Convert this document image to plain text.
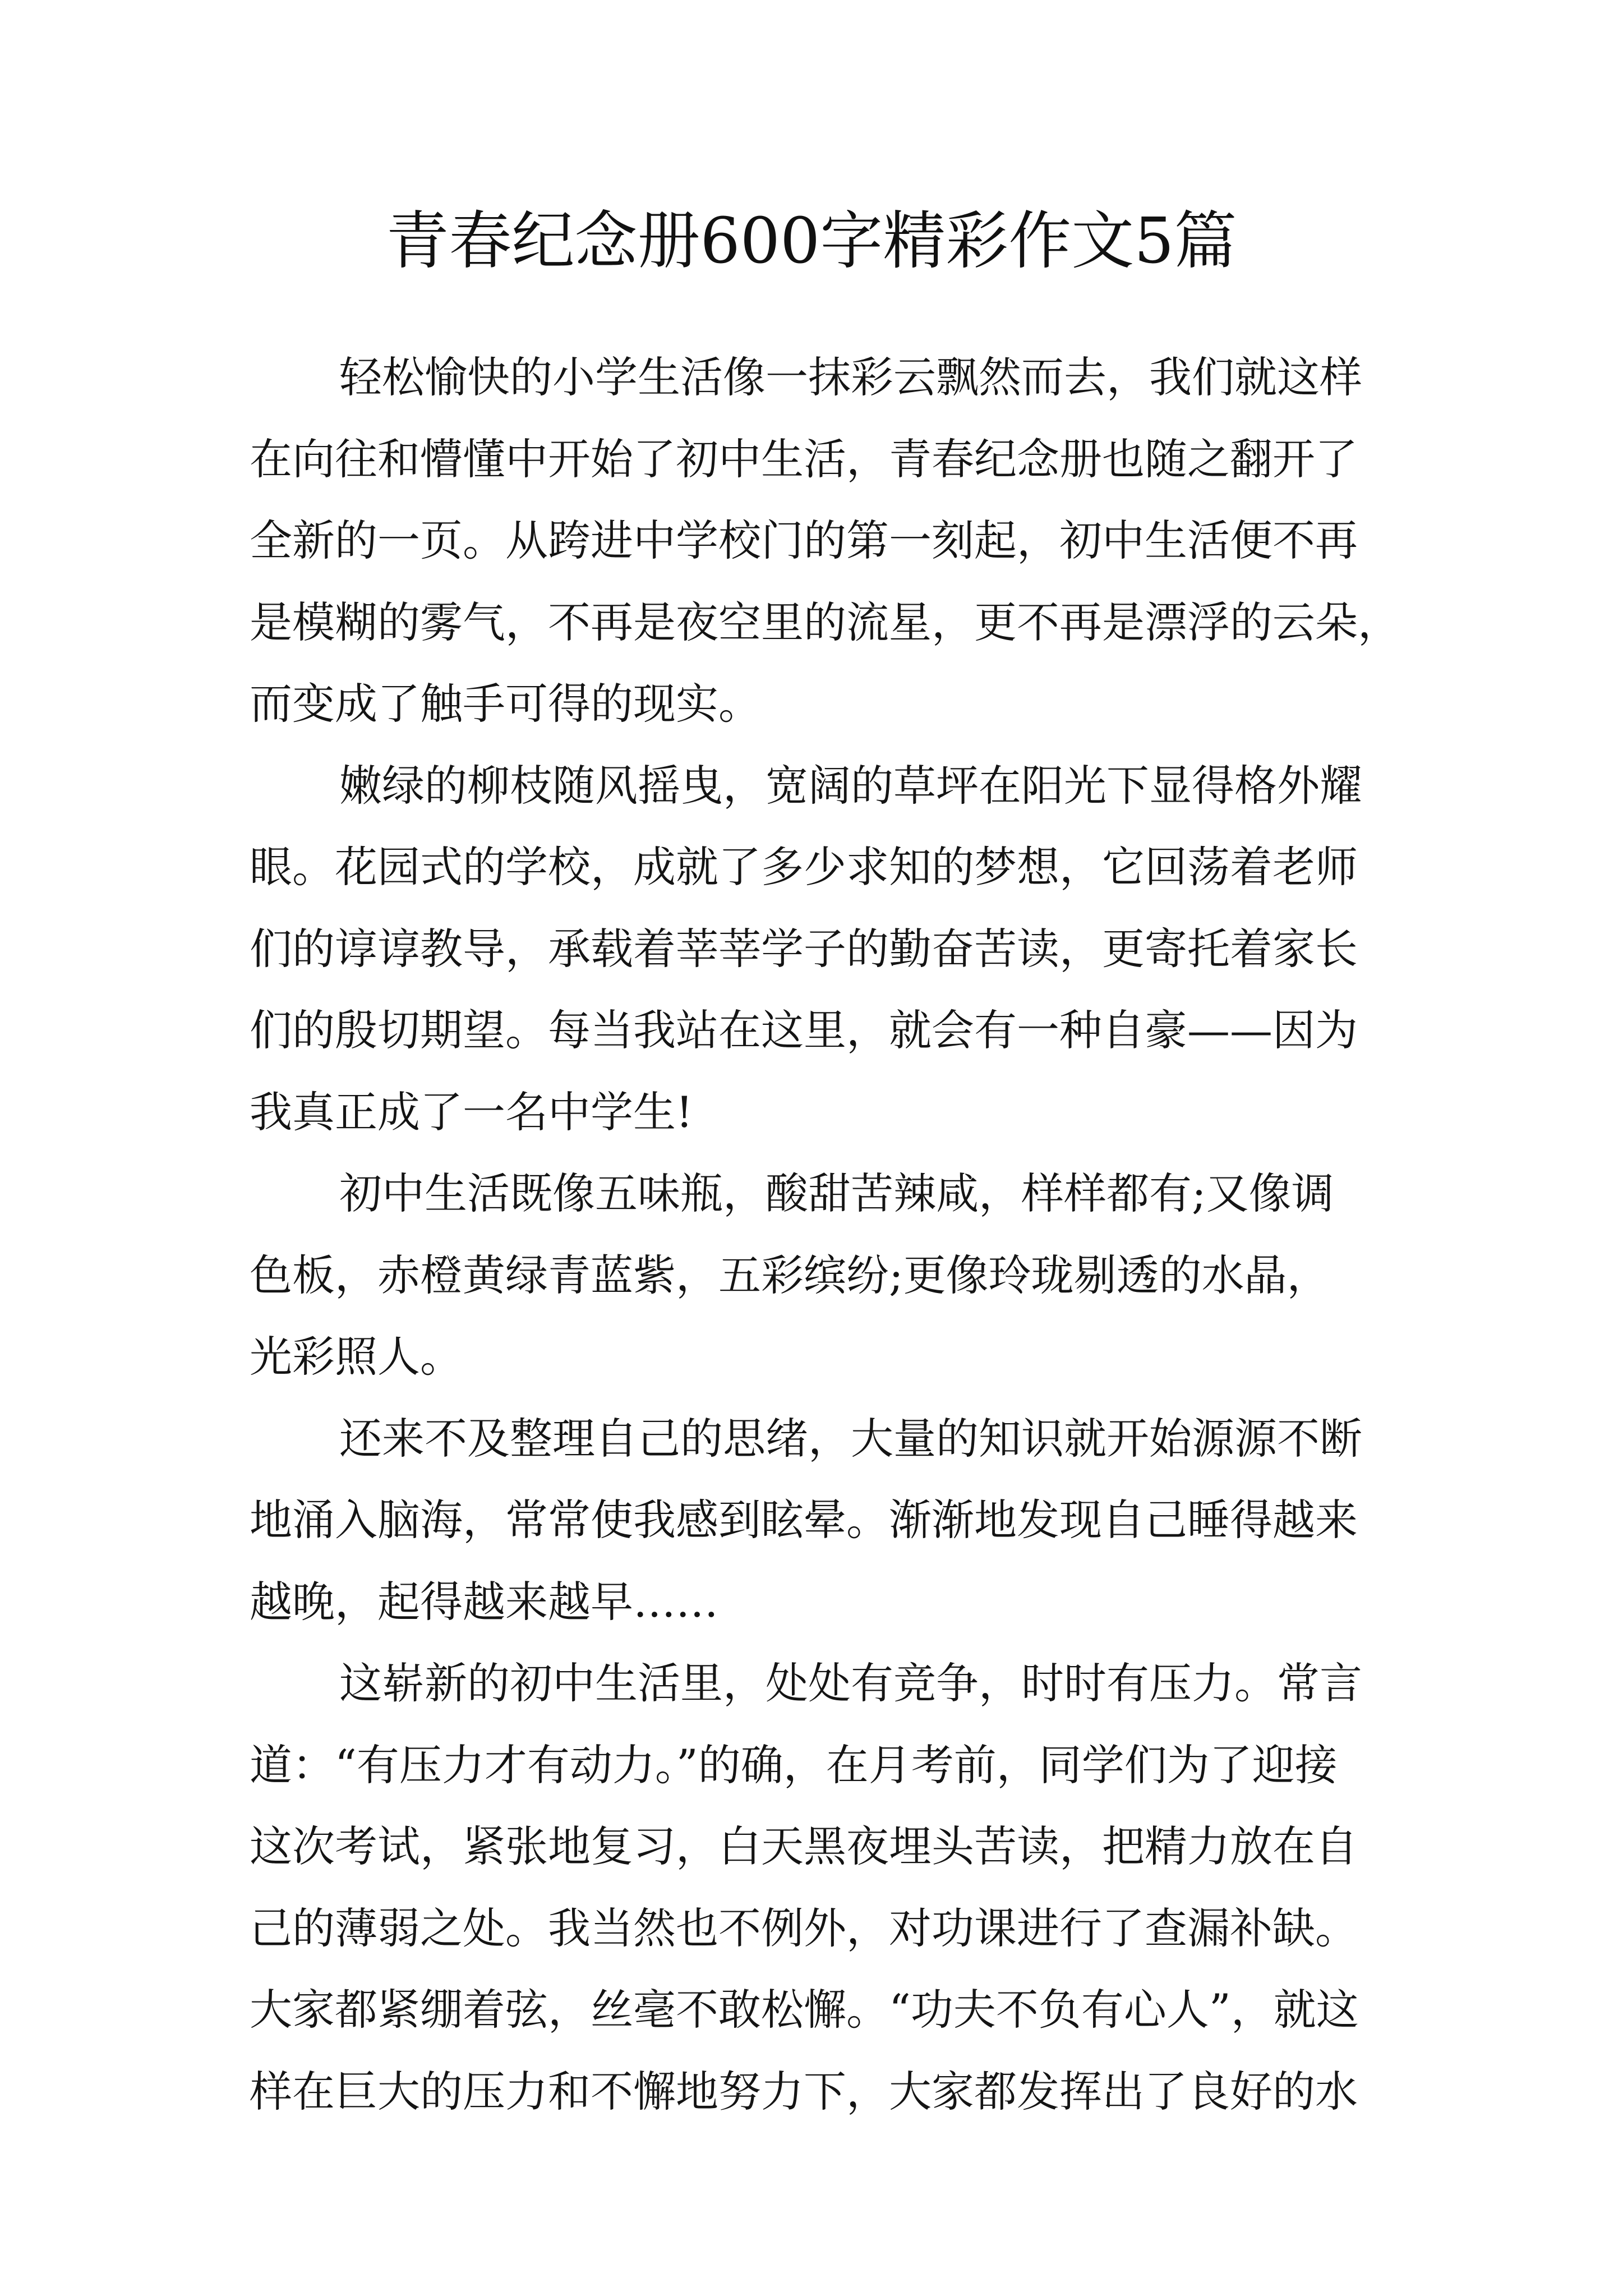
青春纪念册600字精彩作文5篇
轻松愉快的小学生活像一抹彩云飘然而去，我们就这样
在向往和懵懂中开始了初中生活，青春纪念册也随之翻开了
全新的一页。从跨进中学校门的第一刻起，初中生活便不再
是模糊的雾气，不再是夜空里的流星，更不再是漂浮的云朵，
而变成了触手可得的现实。
嫩绿的柳枝随风摇曳，宽阔的草坪在阳光下显得格外耀
眼。花园式的学校，成就了多少求知的梦想，它回荡着老师
们的谆谆教导，承载着莘莘学子的勤奋苦读，更寄托着家长
们的殷切期望。每当我站在这里，就会有一种自豪——因为
我真正成了一名中学生!
初中生活既像五味瓶，酸甜苦辣咸，样样都有;又像调
色板，赤橙黄绿青蓝紫，五彩缤纷;更像玲珑剔透的水晶，
光彩照人。
还来不及整理自己的思绪，大量的知识就开始源源不断
地涌入脑海，常常使我感到眩晕。渐渐地发现自己睡得越来
越晚，起得越来越早……
这崭新的初中生活里，处处有竞争，时时有压力。常言
道：“有压力才有动力。”的确，在月考前，同学们为了迎接
这次考试，紧张地复习，白天黑夜埋头苦读，把精力放在自
己的薄弱之处。我当然也不例外，对功课进行了查漏补缺。
大家都紧绷着弦，丝毫不敢松懈。“功夫不负有心人”，就这
样在巨大的压力和不懈地努力下，大家都发挥出了良好的水
